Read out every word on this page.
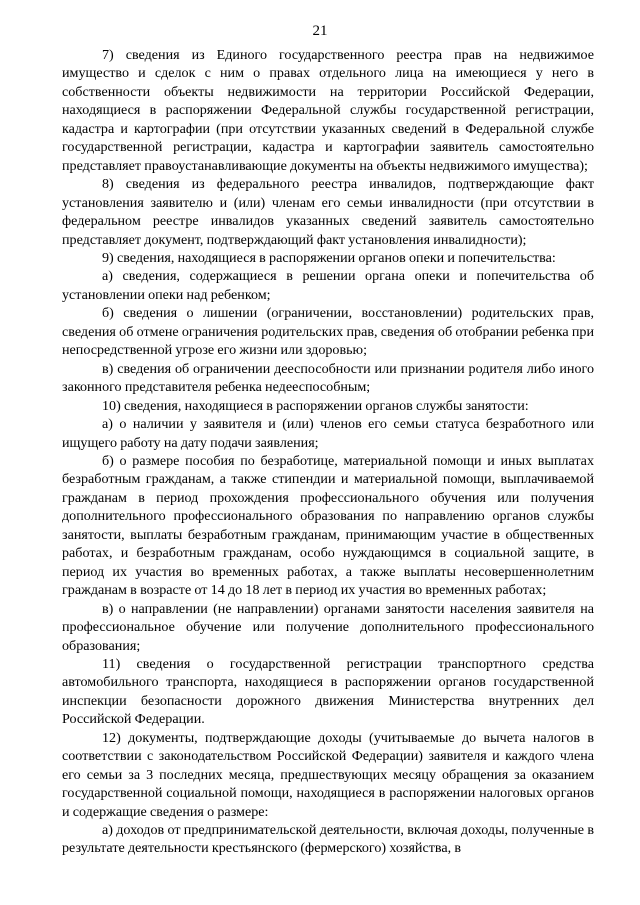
21

7) сведения из Единого государственного реестра прав на недвижимое имущество и сделок с ним о правах отдельного лица на имеющиеся у него в собственности объекты недвижимости на территории Российской Федерации, находящиеся в распоряжении Федеральной службы государственной регистрации, кадастра и картографии (при отсутствии указанных сведений в Федеральной службе государственной регистрации, кадастра и картографии заявитель самостоятельно представляет правоустанавливающие документы на объекты недвижимого имущества);

8) сведения из федерального реестра инвалидов, подтверждающие факт установления заявителю и (или) членам его семьи инвалидности (при отсутствии в федеральном реестре инвалидов указанных сведений заявитель самостоятельно представляет документ, подтверждающий факт установления инвалидности);

9) сведения, находящиеся в распоряжении органов опеки и попечительства:

а) сведения, содержащиеся в решении органа опеки и попечительства об установлении опеки над ребенком;

б) сведения о лишении (ограничении, восстановлении) родительских прав, сведения об отмене ограничения родительских прав, сведения об отобрании ребенка при непосредственной угрозе его жизни или здоровью;

в) сведения об ограничении дееспособности или признании родителя либо иного законного представителя ребенка недееспособным;

10) сведения, находящиеся в распоряжении органов службы занятости:

а) о наличии у заявителя и (или) членов его семьи статуса безработного или ищущего работу на дату подачи заявления;

б) о размере пособия по безработице, материальной помощи и иных выплатах безработным гражданам, а также стипендии и материальной помощи, выплачиваемой гражданам в период прохождения профессионального обучения или получения дополнительного профессионального образования по направлению органов службы занятости, выплаты безработным гражданам, принимающим участие в общественных работах, и безработным гражданам, особо нуждающимся в социальной защите, в период их участия во временных работах, а также выплаты несовершеннолетним гражданам в возрасте от 14 до 18 лет в период их участия во временных работах;

в) о направлении (не направлении) органами занятости населения заявителя на профессиональное обучение или получение дополнительного профессионального образования;

11) сведения о государственной регистрации транспортного средства автомобильного транспорта, находящиеся в распоряжении органов государственной инспекции безопасности дорожного движения Министерства внутренних дел Российской Федерации.

12) документы, подтверждающие доходы (учитываемые до вычета налогов в соответствии с законодательством Российской Федерации) заявителя и каждого члена его семьи за 3 последних месяца, предшествующих месяцу обращения за оказанием государственной социальной помощи, находящиеся в распоряжении налоговых органов и содержащие сведения о размере:

а) доходов от предпринимательской деятельности, включая доходы, полученные в результате деятельности крестьянского (фермерского) хозяйства, в
